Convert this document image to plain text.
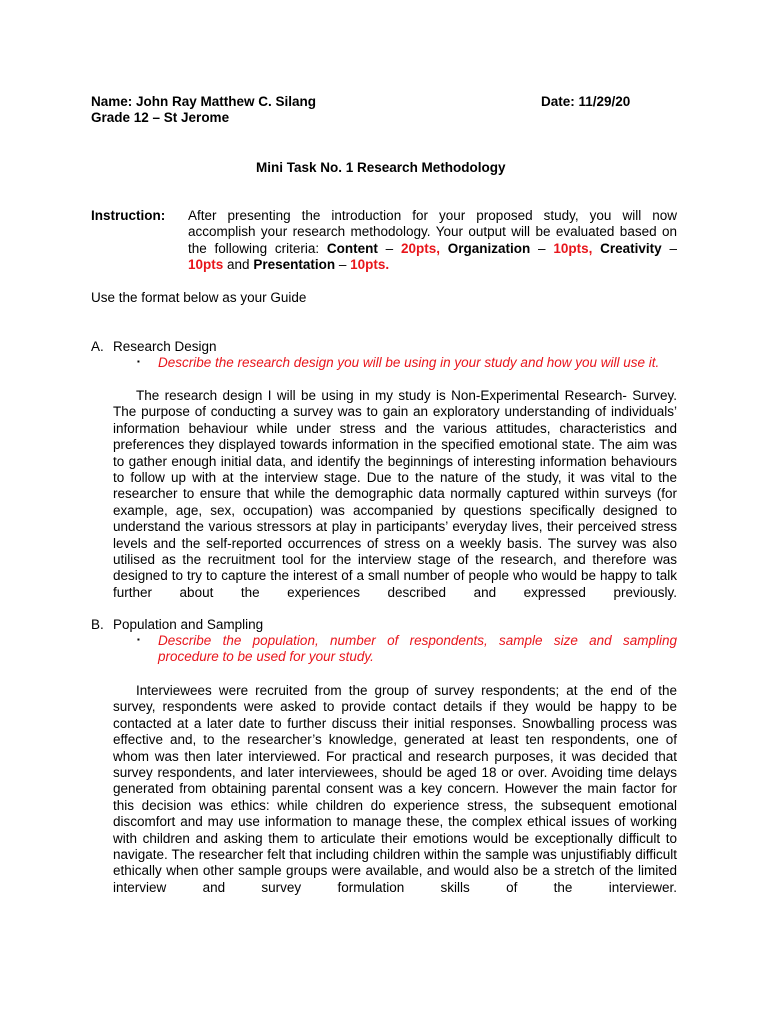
Name: John Ray Matthew C. Silang	Date: 11/29/20
Grade 12 – St Jerome
Mini Task No. 1 Research Methodology
Instruction: After presenting the introduction for your proposed study, you will now
accomplish your research methodology. Your output will be evaluated based on
the following criteria: Content – 20pts, Organization – 10pts, Creativity –
10pts and Presentation – 10pts.
Use the format below as your Guide
A. Research Design
▪ Describe the research design you will be using in your study and how you will use it.
The research design I will be using in my study is Non-Experimental Research- Survey. The purpose of conducting a survey was to gain an exploratory understanding of individuals’ information behaviour while under stress and the various attitudes, characteristics and preferences they displayed towards information in the specified emotional state. The aim was to gather enough initial data, and identify the beginnings of interesting information behaviours to follow up with at the interview stage. Due to the nature of the study, it was vital to the researcher to ensure that while the demographic data normally captured within surveys (for example, age, sex, occupation) was accompanied by questions specifically designed to understand the various stressors at play in participants’ everyday lives, their perceived stress levels and the self-reported occurrences of stress on a weekly basis. The survey was also utilised as the recruitment tool for the interview stage of the research, and therefore was designed to try to capture the interest of a small number of people who would be happy to talk further about the experiences described and expressed previously.
B. Population and Sampling
▪ Describe the population, number of respondents, sample size and sampling
procedure to be used for your study.
Interviewees were recruited from the group of survey respondents; at the end of the survey, respondents were asked to provide contact details if they would be happy to be contacted at a later date to further discuss their initial responses. Snowballing process was effective and, to the researcher’s knowledge, generated at least ten respondents, one of whom was then later interviewed. For practical and research purposes, it was decided that survey respondents, and later interviewees, should be aged 18 or over. Avoiding time delays generated from obtaining parental consent was a key concern. However the main factor for this decision was ethics: while children do experience stress, the subsequent emotional discomfort and may use information to manage these, the complex ethical issues of working with children and asking them to articulate their emotions would be exceptionally difficult to navigate. The researcher felt that including children within the sample was unjustifiably difficult ethically when other sample groups were available, and would also be a stretch of the limited interview and survey formulation skills of the interviewer.
